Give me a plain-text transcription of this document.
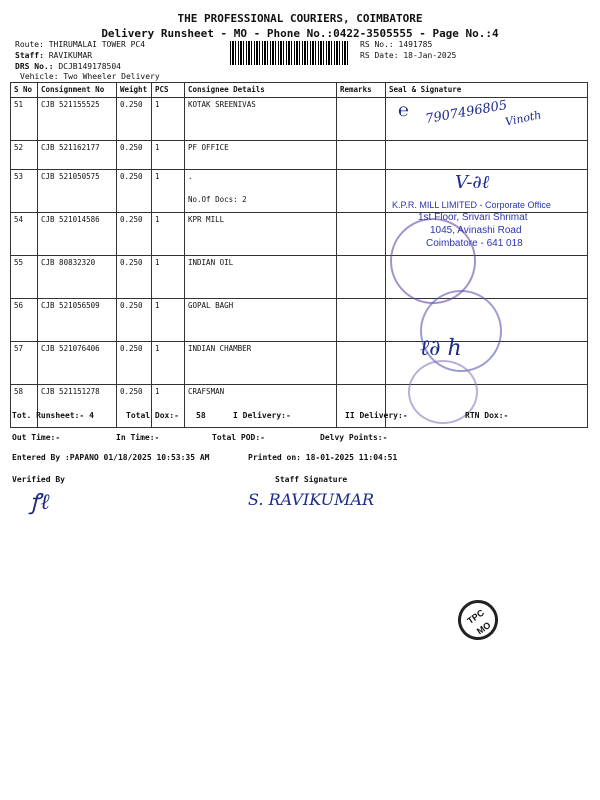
THE PROFESSIONAL COURIERS, COIMBATORE
Delivery Runsheet - MO - Phone No.:0422-3505555 - Page No.:4
Route: THIRUMALAI TOWER PC4
Staff: RAVIKUMAR
DRS No.: DCJB149178504
Vehicle: Two Wheeler Delivery
RS No.: 1491785
RS Date: 18-Jan-2025
S No	Consignment No	Weight	PCS	Consignee Details	Remarks	Seal & Signature
51	CJB 521155525	0.250	1	KOTAK SREENIVAS		
52	CJB 521162177	0.250	1	PF OFFICE		
53	CJB 521050575	0.250	1	.
No.Of Docs: 2		

54	CJB 521014586	0.250	1	KPR MILL		
55	CJB 80832320	0.250	1	INDIAN OIL		
56	CJB 521056509	0.250	1	GOPAL BAGH		
57	CJB 521076406	0.250	1	INDIAN CHAMBER		
58	CJB 521151278	0.250	1	CRAFSMAN		
℮ 7907496805
Vinoth
V-∂ℓ
K.P.R. MILL LIMITED - Corporate Office
1st Floor, Srivari Shrimat
1045, Avinashi Road
Coimbatore - 641 018
ℓ∂ h
Tot. Runsheet:- 4	Total Dox:- 58	I Delivery:-	II Delivery:-	RTN Dox:-
Out Time:-	In Time:-	Total POD:-	Delvy Points:-
Entered By :PAPANO 01/18/2025 10:53:35 AM	Printed on: 18-01-2025 11:04:51
Verified By	Staff Signature
ꝭℓ	S. RAVIKUMAR
TPC
MO
